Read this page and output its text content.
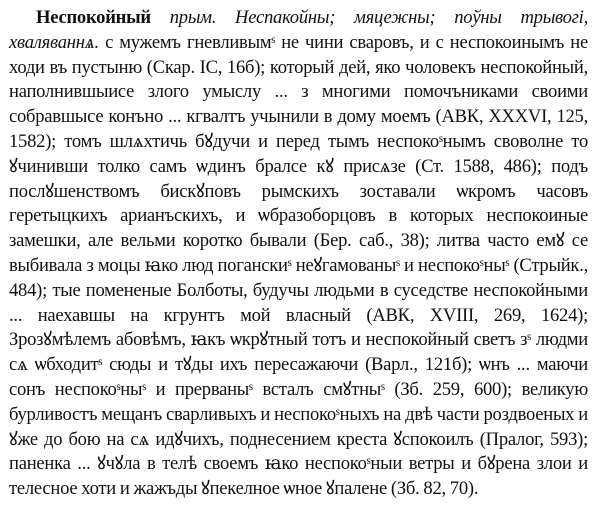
Неспокойный прым. Неспакойны; мяцежны; поўны трывогі, хваляваннѧ. с мужемъ гневливымˢ не чини сваровъ, и с неспокоинымъ не ходи въ пустыню (Скар. ІС, 16б); который дей, яко чоловекъ неспокойный, наполнившыисе злого умыслу ... з многими помочъниками своими собравшысе конъно ... кгвалтъ учынили в дому моемъ (АВК, XXXVI, 125, 1582); томъ шлѧхтичь бꙋдучи и перед тымъ неспокоˢнымъ своволне то ꙋчинивши толко самъ ѡдинъ бралсе кꙋ присѧзе (Ст. 1588, 486); подъ послꙋшенствомъ бискꙋповъ рымскихъ зоставали ѡкромъ часовъ геретыцкихъ арианъскихъ, и ѡбразоборцовъ в которых неспокоиные замешки, але вельми коротко бывали (Бер. саб., 38); литва часто емꙋ се выбивала з моцы ꙗко люд поганскиˢ неꙋгамованыˢ и неспокоˢныˢ (Стрыйк., 484); тые помененые Болботы, будучы людьми в суседстве неспокойными ... наехавшы на кгрунтъ мой власный (АВК, XVIII, 269, 1624); Зрозꙋмѣлемъ абовѣмъ, ꙗкъ ѡкрꙋтный тотъ и неспокойный светъ зˢ людми сѧ ѡбходитˢ сюды и тꙋды ихъ пересажаючи (Варл., 121б); ѡнъ ... маючи сонъ неспокоˢныˢ и прерваныˢ всталъ смꙋтныˢ (Зб. 259, 600); великую бурливостъ мещанъ сварливыхъ и неспокоˢныхъ на двѣ части роздвоеных и ꙋже до бою на сѧ идꙋчихъ, поднесением креста ꙋспокоилъ (Пралог, 593); паненка ... ꙋчꙋла в телѣ своемъ ꙗко неспокоˢныи ветры и бꙋрена злои и телесное хоти и жажъды ꙋпекелное ѡное ꙋпаленe (Зб. 82, 70).
